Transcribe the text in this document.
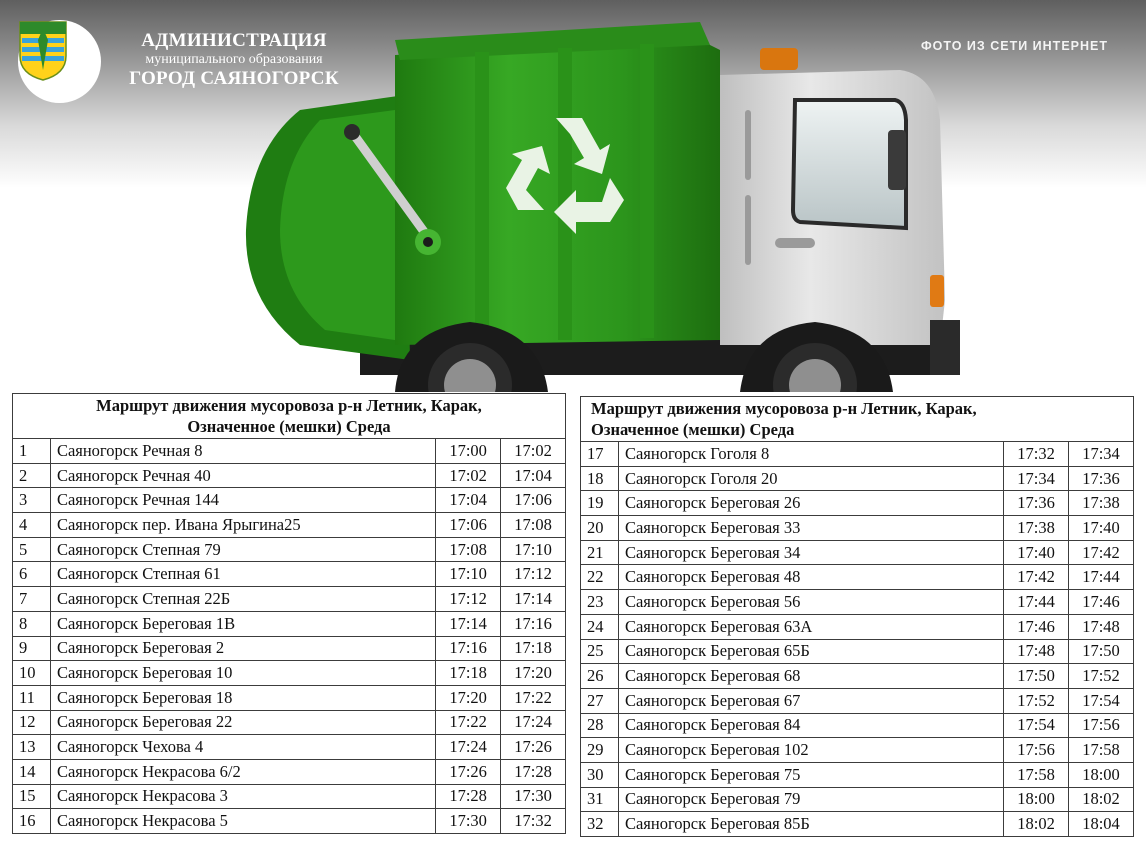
АДМИНИСТРАЦИЯ
муниципального образования
ГОРОД САЯНОГОРСК
ФОТО ИЗ СЕТИ ИНТЕРНЕТ
Маршрут движения мусоровоза р-н Летник, Карак,
Означенное (мешки) Среда			
1	Саяногорск Речная 8	17:00	17:02
2	Саяногорск Речная 40	17:02	17:04
3	Саяногорск Речная 144	17:04	17:06
4	Саяногорск пер. Ивана Ярыгина25	17:06	17:08
5	Саяногорск Степная 79	17:08	17:10
6	Саяногорск Степная 61	17:10	17:12
7	Саяногорск Степная 22Б	17:12	17:14
8	Саяногорск Береговая 1В	17:14	17:16
9	Саяногорск Береговая 2	17:16	17:18
10	Саяногорск Береговая 10	17:18	17:20
11	Саяногорск Береговая 18	17:20	17:22
12	Саяногорск Береговая 22	17:22	17:24
13	Саяногорск Чехова 4	17:24	17:26
14	Саяногорск Некрасова 6/2	17:26	17:28
15	Саяногорск Некрасова 3	17:28	17:30
16	Саяногорск Некрасова 5	17:30	17:32
Маршрут движения мусоровоза р-н Летник, Карак,
Означенное (мешки) Среда			
17	Саяногорск Гоголя 8	17:32	17:34
18	Саяногорск Гоголя 20	17:34	17:36
19	Саяногорск Береговая 26	17:36	17:38
20	Саяногорск Береговая 33	17:38	17:40
21	Саяногорск Береговая 34	17:40	17:42
22	Саяногорск Береговая 48	17:42	17:44
23	Саяногорск Береговая 56	17:44	17:46
24	Саяногорск Береговая 63А	17:46	17:48
25	Саяногорск Береговая 65Б	17:48	17:50
26	Саяногорск Береговая 68	17:50	17:52
27	Саяногорск Береговая 67	17:52	17:54
28	Саяногорск Береговая 84	17:54	17:56
29	Саяногорск Береговая 102	17:56	17:58
30	Саяногорск Береговая 75	17:58	18:00
31	Саяногорск Береговая 79	18:00	18:02
32	Саяногорск Береговая 85Б	18:02	18:04
